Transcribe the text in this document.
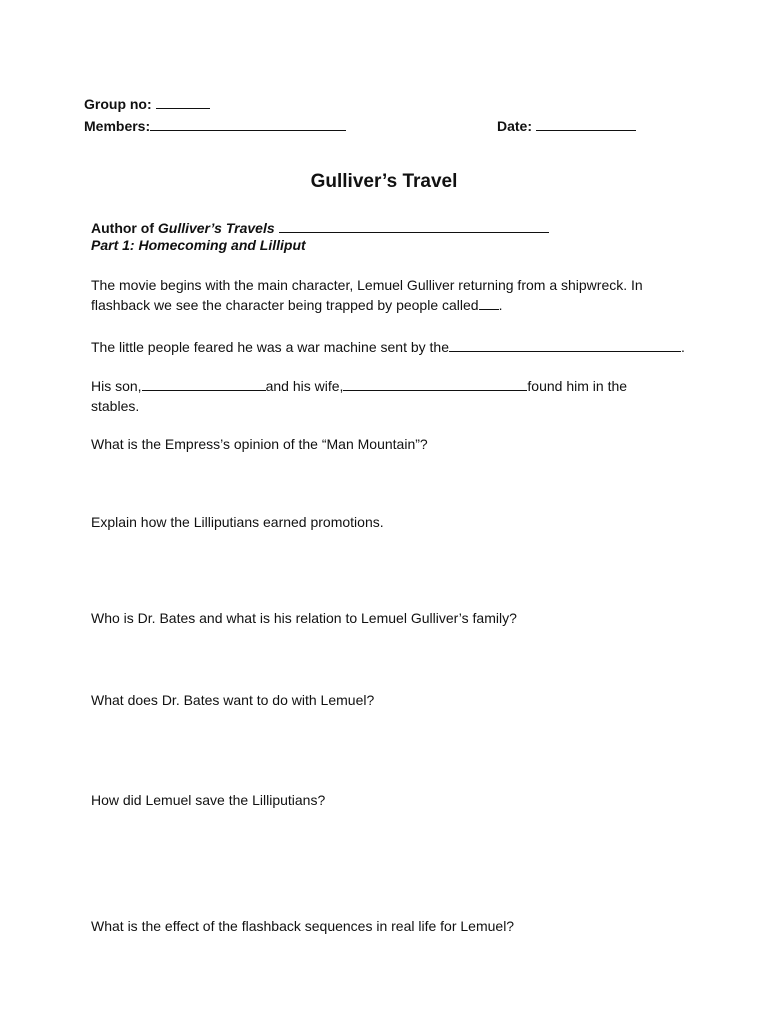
Group no:
Members:	Date:
Gulliver’s Travel
Author of Gulliver’s Travels
Part 1: Homecoming and Lilliput
The movie begins with the main character, Lemuel Gulliver returning from a shipwreck. In
flashback we see the character being trapped by people called .
The little people feared he was a war machine sent by the	.
His son,	and his wife,	found him in the
stables.
What is the Empress’s opinion of the “Man Mountain”?
Explain how the Lilliputians earned promotions.
Who is Dr. Bates and what is his relation to Lemuel Gulliver’s family?
What does Dr. Bates want to do with Lemuel?
How did Lemuel save the Lilliputians?
What is the effect of the flashback sequences in real life for Lemuel?
